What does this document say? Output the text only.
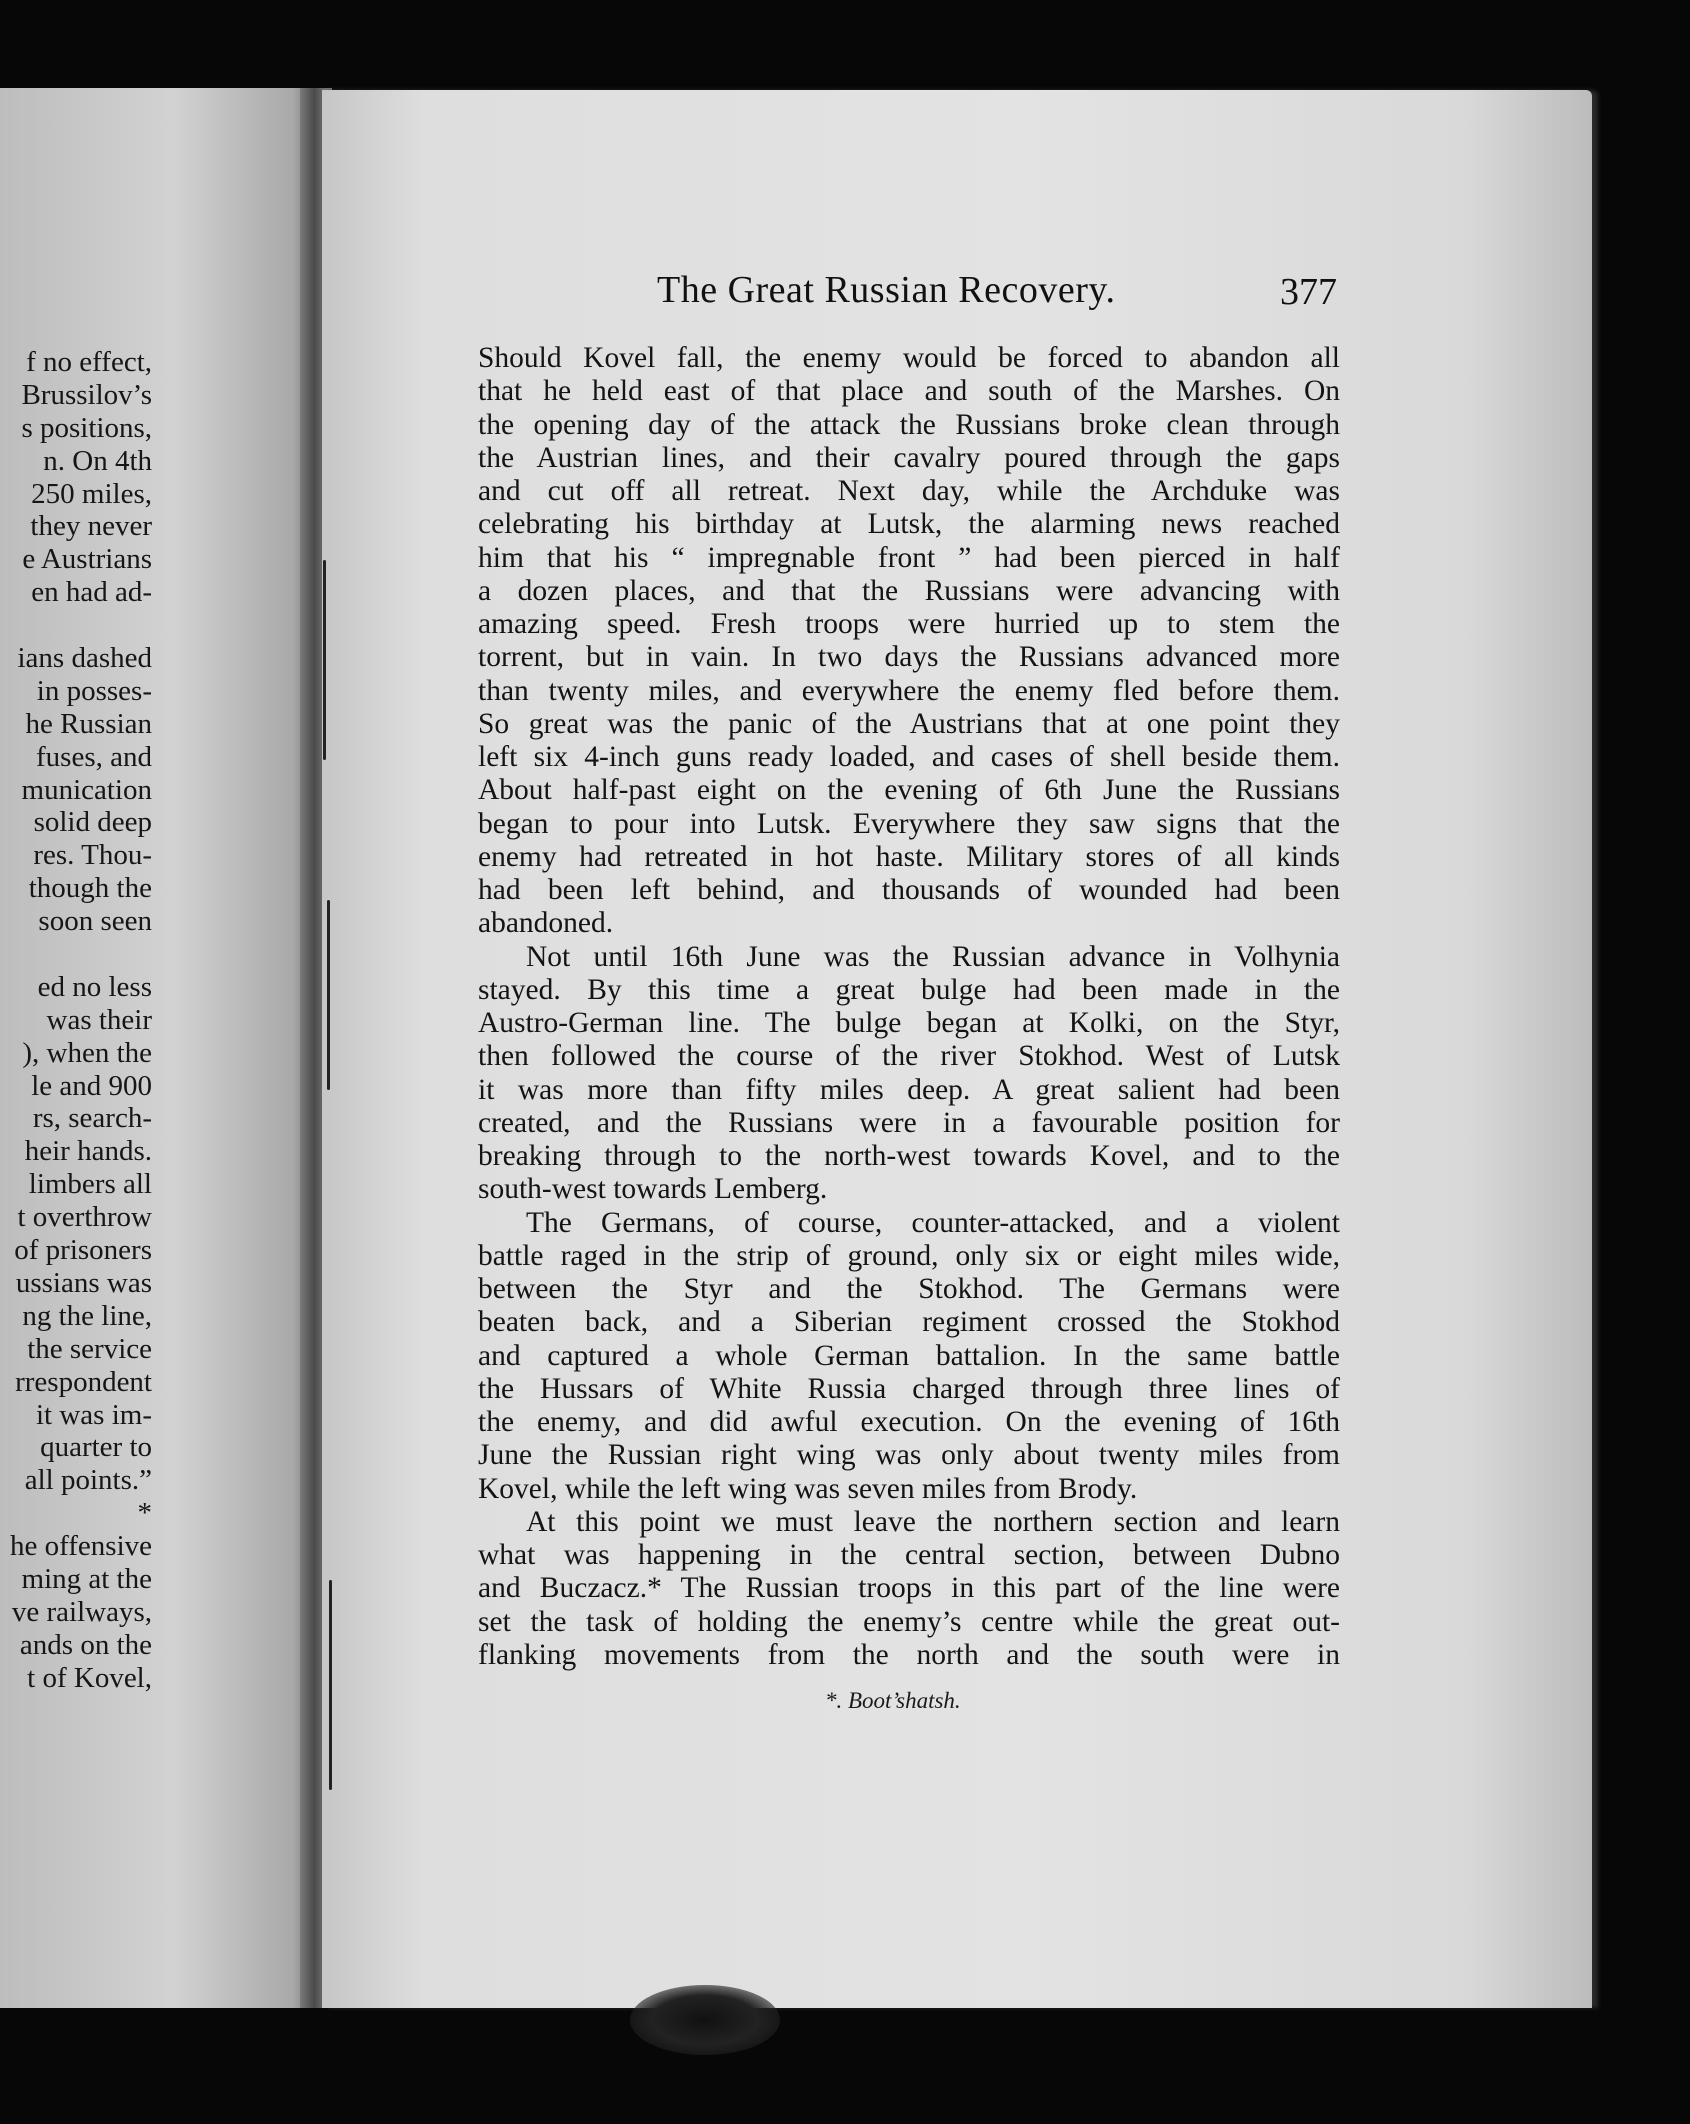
f no effect,
Brussilov’s
s positions,
n. On 4th
250 miles,
they never
e Austrians
en had ad-
ians dashed
in posses-
he Russian
fuses, and
munication
solid deep
res. Thou-
though the
soon seen
ed no less
was their
), when the
le and 900
rs, search-
heir hands.
limbers all
t overthrow
of prisoners
ussians was
ng the line,
the service
rrespondent
it was im-
quarter to
all points.”
*
he offensive
ming at the
ve railways,
ands on the
t of Kovel,
The Great Russian Recovery.	377
Should Kovel fall, the enemy would be forced to abandon all
that he held east of that place and south of the Marshes. On
the opening day of the attack the Russians broke clean through
the Austrian lines, and their cavalry poured through the gaps
and cut off all retreat. Next day, while the Archduke was
celebrating his birthday at Lutsk, the alarming news reached
him that his “ impregnable front ” had been pierced in half
a dozen places, and that the Russians were advancing with
amazing speed. Fresh troops were hurried up to stem the
torrent, but in vain. In two days the Russians advanced more
than twenty miles, and everywhere the enemy fled before them.
So great was the panic of the Austrians that at one point they
left six 4-inch guns ready loaded, and cases of shell beside them.
About half-past eight on the evening of 6th June the Russians
began to pour into Lutsk. Everywhere they saw signs that the
enemy had retreated in hot haste. Military stores of all kinds
had been left behind, and thousands of wounded had been
abandoned.
Not until 16th June was the Russian advance in Volhynia
stayed. By this time a great bulge had been made in the
Austro-German line. The bulge began at Kolki, on the Styr,
then followed the course of the river Stokhod. West of Lutsk
it was more than fifty miles deep. A great salient had been
created, and the Russians were in a favourable position for
breaking through to the north-west towards Kovel, and to the
south-west towards Lemberg.
The Germans, of course, counter-attacked, and a violent
battle raged in the strip of ground, only six or eight miles wide,
between the Styr and the Stokhod. The Germans were
beaten back, and a Siberian regiment crossed the Stokhod
and captured a whole German battalion. In the same battle
the Hussars of White Russia charged through three lines of
the enemy, and did awful execution. On the evening of 16th
June the Russian right wing was only about twenty miles from
Kovel, while the left wing was seven miles from Brody.
At this point we must leave the northern section and learn
what was happening in the central section, between Dubno
and Buczacz.* The Russian troops in this part of the line were
set the task of holding the enemy’s centre while the great out-
flanking movements from the north and the south were in
*. Boot’shatsh.
